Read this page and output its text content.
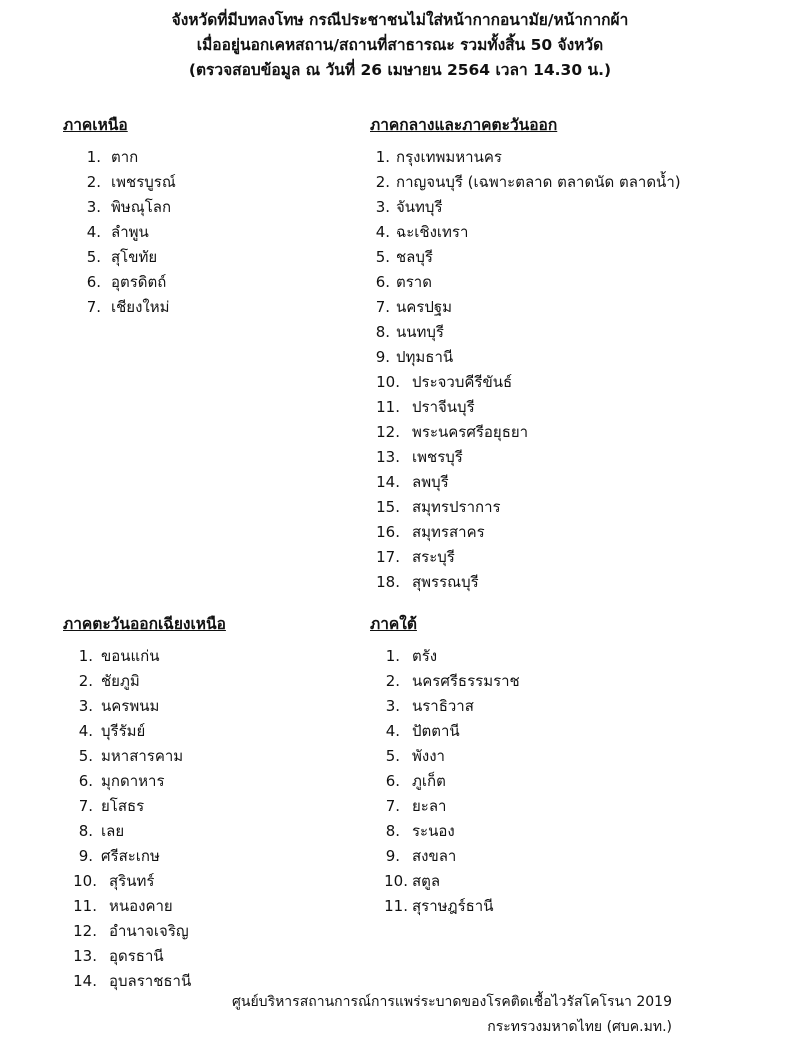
จังหวัดที่มีบทลงโทษ กรณีประชาชนไม่ใส่หน้ากากอนามัย/หน้ากากผ้า
เมื่ออยู่นอกเคหสถาน/สถานที่สาธารณะ รวมทั้งสิ้น 50 จังหวัด
(ตรวจสอบข้อมูล ณ วันที่ 26 เมษายน 2564 เวลา 14.30 น.)
ภาคเหนือ
1. ตาก
2. เพชรบูรณ์
3. พิษณุโลก
4. ลำพูน
5. สุโขทัย
6. อุตรดิตถ์
7. เชียงใหม่
ภาคกลางและภาคตะวันออก
1. กรุงเทพมหานคร
2. กาญจนบุรี (เฉพาะตลาด ตลาดนัด ตลาดน้ำ)
3. จันทบุรี
4. ฉะเชิงเทรา
5. ชลบุรี
6. ตราด
7. นครปฐม
8. นนทบุรี
9. ปทุมธานี
10. ประจวบคีรีขันธ์
11. ปราจีนบุรี
12. พระนครศรีอยุธยา
13. เพชรบุรี
14. ลพบุรี
15. สมุทรปราการ
16. สมุทรสาคร
17. สระบุรี
18. สุพรรณบุรี
ภาคตะวันออกเฉียงเหนือ
1. ขอนแก่น
2. ชัยภูมิ
3. นครพนม
4. บุรีรัมย์
5. มหาสารคาม
6. มุกดาหาร
7. ยโสธร
8. เลย
9. ศรีสะเกษ
10. สุรินทร์
11. หนองคาย
12. อำนาจเจริญ
13. อุดรธานี
14. อุบลราชธานี
ภาคใต้
1. ตรัง
2. นครศรีธรรมราช
3. นราธิวาส
4. ปัตตานี
5. พังงา
6. ภูเก็ต
7. ยะลา
8. ระนอง
9. สงขลา
10. สตูล
11. สุราษฎร์ธานี
ศูนย์บริหารสถานการณ์การแพร่ระบาดของโรคติดเชื้อไวรัสโคโรนา 2019
กระทรวงมหาดไทย (ศบค.มท.)
